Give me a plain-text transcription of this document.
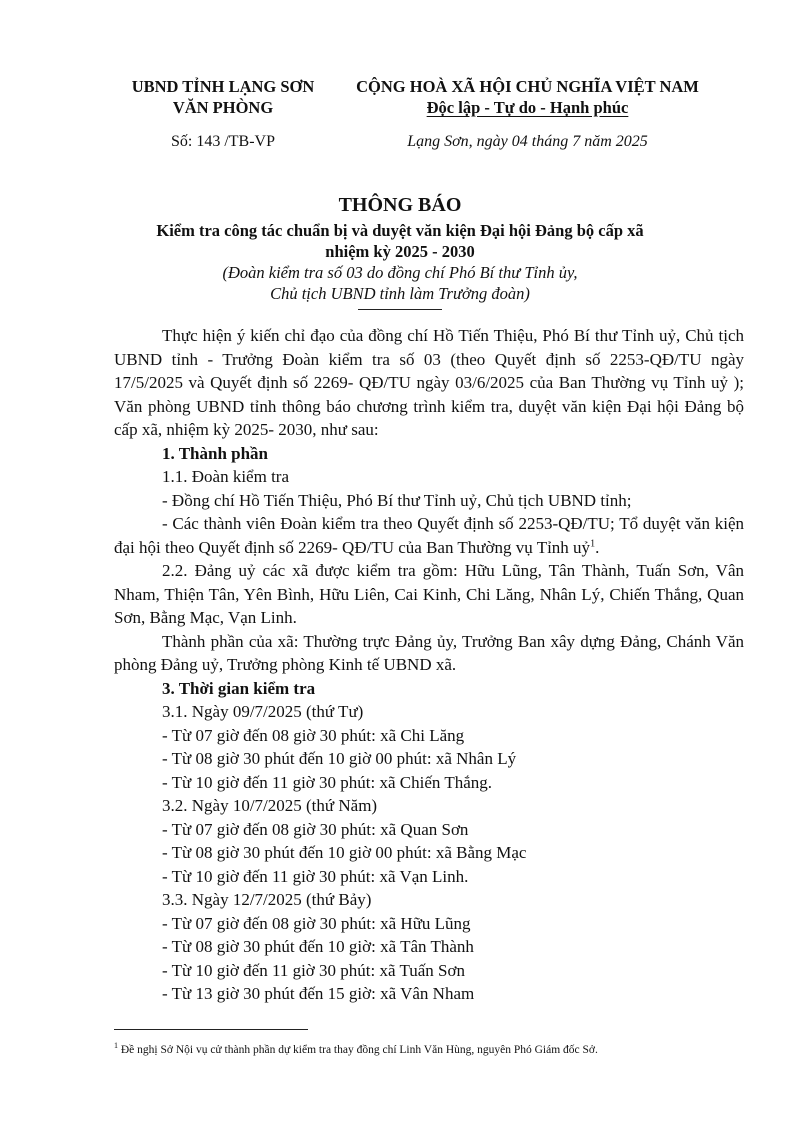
UBND TỈNH LẠNG SƠN
VĂN PHÒNG
CỘNG HOÀ XÃ HỘI CHỦ NGHĨA VIỆT NAM
Độc lập - Tự do - Hạnh phúc
Số: 143 /TB-VP	Lạng Sơn, ngày 04 tháng 7 năm 2025
THÔNG BÁO
Kiểm tra công tác chuẩn bị và duyệt văn kiện Đại hội Đảng bộ cấp xã
nhiệm kỳ 2025 - 2030
(Đoàn kiểm tra số 03 do đồng chí Phó Bí thư Tỉnh ủy,
Chủ tịch UBND tỉnh làm Trưởng đoàn)

Thực hiện ý kiến chỉ đạo của đồng chí Hồ Tiến Thiệu, Phó Bí thư Tỉnh uỷ, Chủ tịch UBND tỉnh - Trưởng Đoàn kiểm tra số 03 (theo Quyết định số 2253-QĐ/TU ngày 17/5/2025 và Quyết định số 2269- QĐ/TU ngày 03/6/2025 của Ban Thường vụ Tỉnh uỷ ); Văn phòng UBND tỉnh thông báo chương trình kiểm tra, duyệt văn kiện Đại hội Đảng bộ cấp xã, nhiệm kỳ 2025- 2030, như sau:

1. Thành phần

1.1. Đoàn kiểm tra

- Đồng chí Hồ Tiến Thiệu, Phó Bí thư Tỉnh uỷ, Chủ tịch UBND tỉnh;

- Các thành viên Đoàn kiểm tra theo Quyết định số 2253-QĐ/TU; Tổ duyệt văn kiện đại hội theo Quyết định số 2269- QĐ/TU của Ban Thường vụ Tỉnh uỷ$^1$.

2.2. Đảng uỷ các xã được kiểm tra gồm: Hữu Lũng, Tân Thành, Tuấn Sơn, Vân Nham, Thiện Tân, Yên Bình, Hữu Liên, Cai Kinh, Chi Lăng, Nhân Lý, Chiến Thắng, Quan Sơn, Bằng Mạc, Vạn Linh.

Thành phần của xã: Thường trực Đảng ủy, Trưởng Ban xây dựng Đảng, Chánh Văn phòng Đảng uỷ, Trưởng phòng Kinh tế UBND xã.

3. Thời gian kiểm tra

3.1. Ngày 09/7/2025 (thứ Tư)

- Từ 07 giờ đến 08 giờ 30 phút: xã Chi Lăng

- Từ 08 giờ 30 phút đến 10 giờ 00 phút: xã Nhân Lý

- Từ 10 giờ đến 11 giờ 30 phút: xã Chiến Thắng.

3.2. Ngày 10/7/2025 (thứ Năm)

- Từ 07 giờ đến 08 giờ 30 phút: xã Quan Sơn

- Từ 08 giờ 30 phút đến 10 giờ 00 phút: xã Bằng Mạc

- Từ 10 giờ đến 11 giờ 30 phút: xã Vạn Linh.

3.3. Ngày 12/7/2025 (thứ Bảy)

- Từ 07 giờ đến 08 giờ 30 phút: xã Hữu Lũng

- Từ 08 giờ 30 phút đến 10 giờ: xã Tân Thành

- Từ 10 giờ đến 11 giờ 30 phút: xã Tuấn Sơn

- Từ 13 giờ 30 phút đến 15 giờ: xã Vân Nham

$^1$ Đề nghị Sở Nội vụ cử thành phần dự kiểm tra thay đồng chí Linh Văn Hùng, nguyên Phó Giám đốc Sở.
